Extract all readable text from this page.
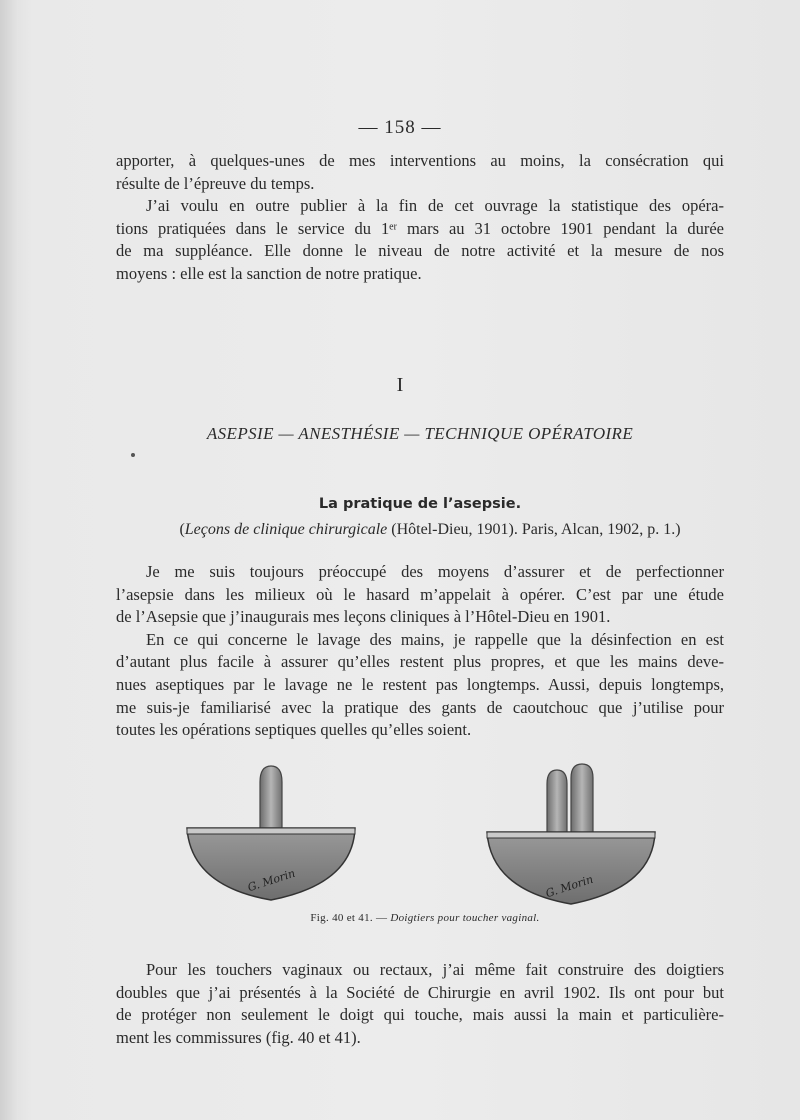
— 158 —
apporter, à quelques-unes de mes interventions au moins, la consécration qui
résulte de l’épreuve du temps.
J’ai voulu en outre publier à la fin de cet ouvrage la statistique des opéra-
tions pratiquées dans le service du 1ᵉʳ mars au 31 octobre 1901 pendant la durée
de ma suppléance. Elle donne le niveau de notre activité et la mesure de nos
moyens : elle est la sanction de notre pratique.
I
ASEPSIE — ANESTHÉSIE — TECHNIQUE OPÉRATOIRE
La pratique de l’asepsie.
(Leçons de clinique chirurgicale (Hôtel-Dieu, 1901). Paris, Alcan, 1902, p. 1.)
Je me suis toujours préoccupé des moyens d’assurer et de perfectionner
l’asepsie dans les milieux où le hasard m’appelait à opérer. C’est par une étude
de l’Asepsie que j’inaugurais mes leçons cliniques à l’Hôtel-Dieu en 1901.
En ce qui concerne le lavage des mains, je rappelle que la désinfection en est
d’autant plus facile à assurer qu’elles restent plus propres, et que les mains deve-
nues aseptiques par le lavage ne le restent pas longtemps. Aussi, depuis longtemps,
me suis-je familiarisé avec la pratique des gants de caoutchouc que j’utilise pour
toutes les opérations septiques quelles qu’elles soient.
G. Morin	G. Morin
Fig. 40 et 41. — Doigtiers pour toucher vaginal.
Pour les touchers vaginaux ou rectaux, j’ai même fait construire des doigtiers
doubles que j’ai présentés à la Société de Chirurgie en avril 1902. Ils ont pour but
de protéger non seulement le doigt qui touche, mais aussi la main et particulière-
ment les commissures (fig. 40 et 41).
